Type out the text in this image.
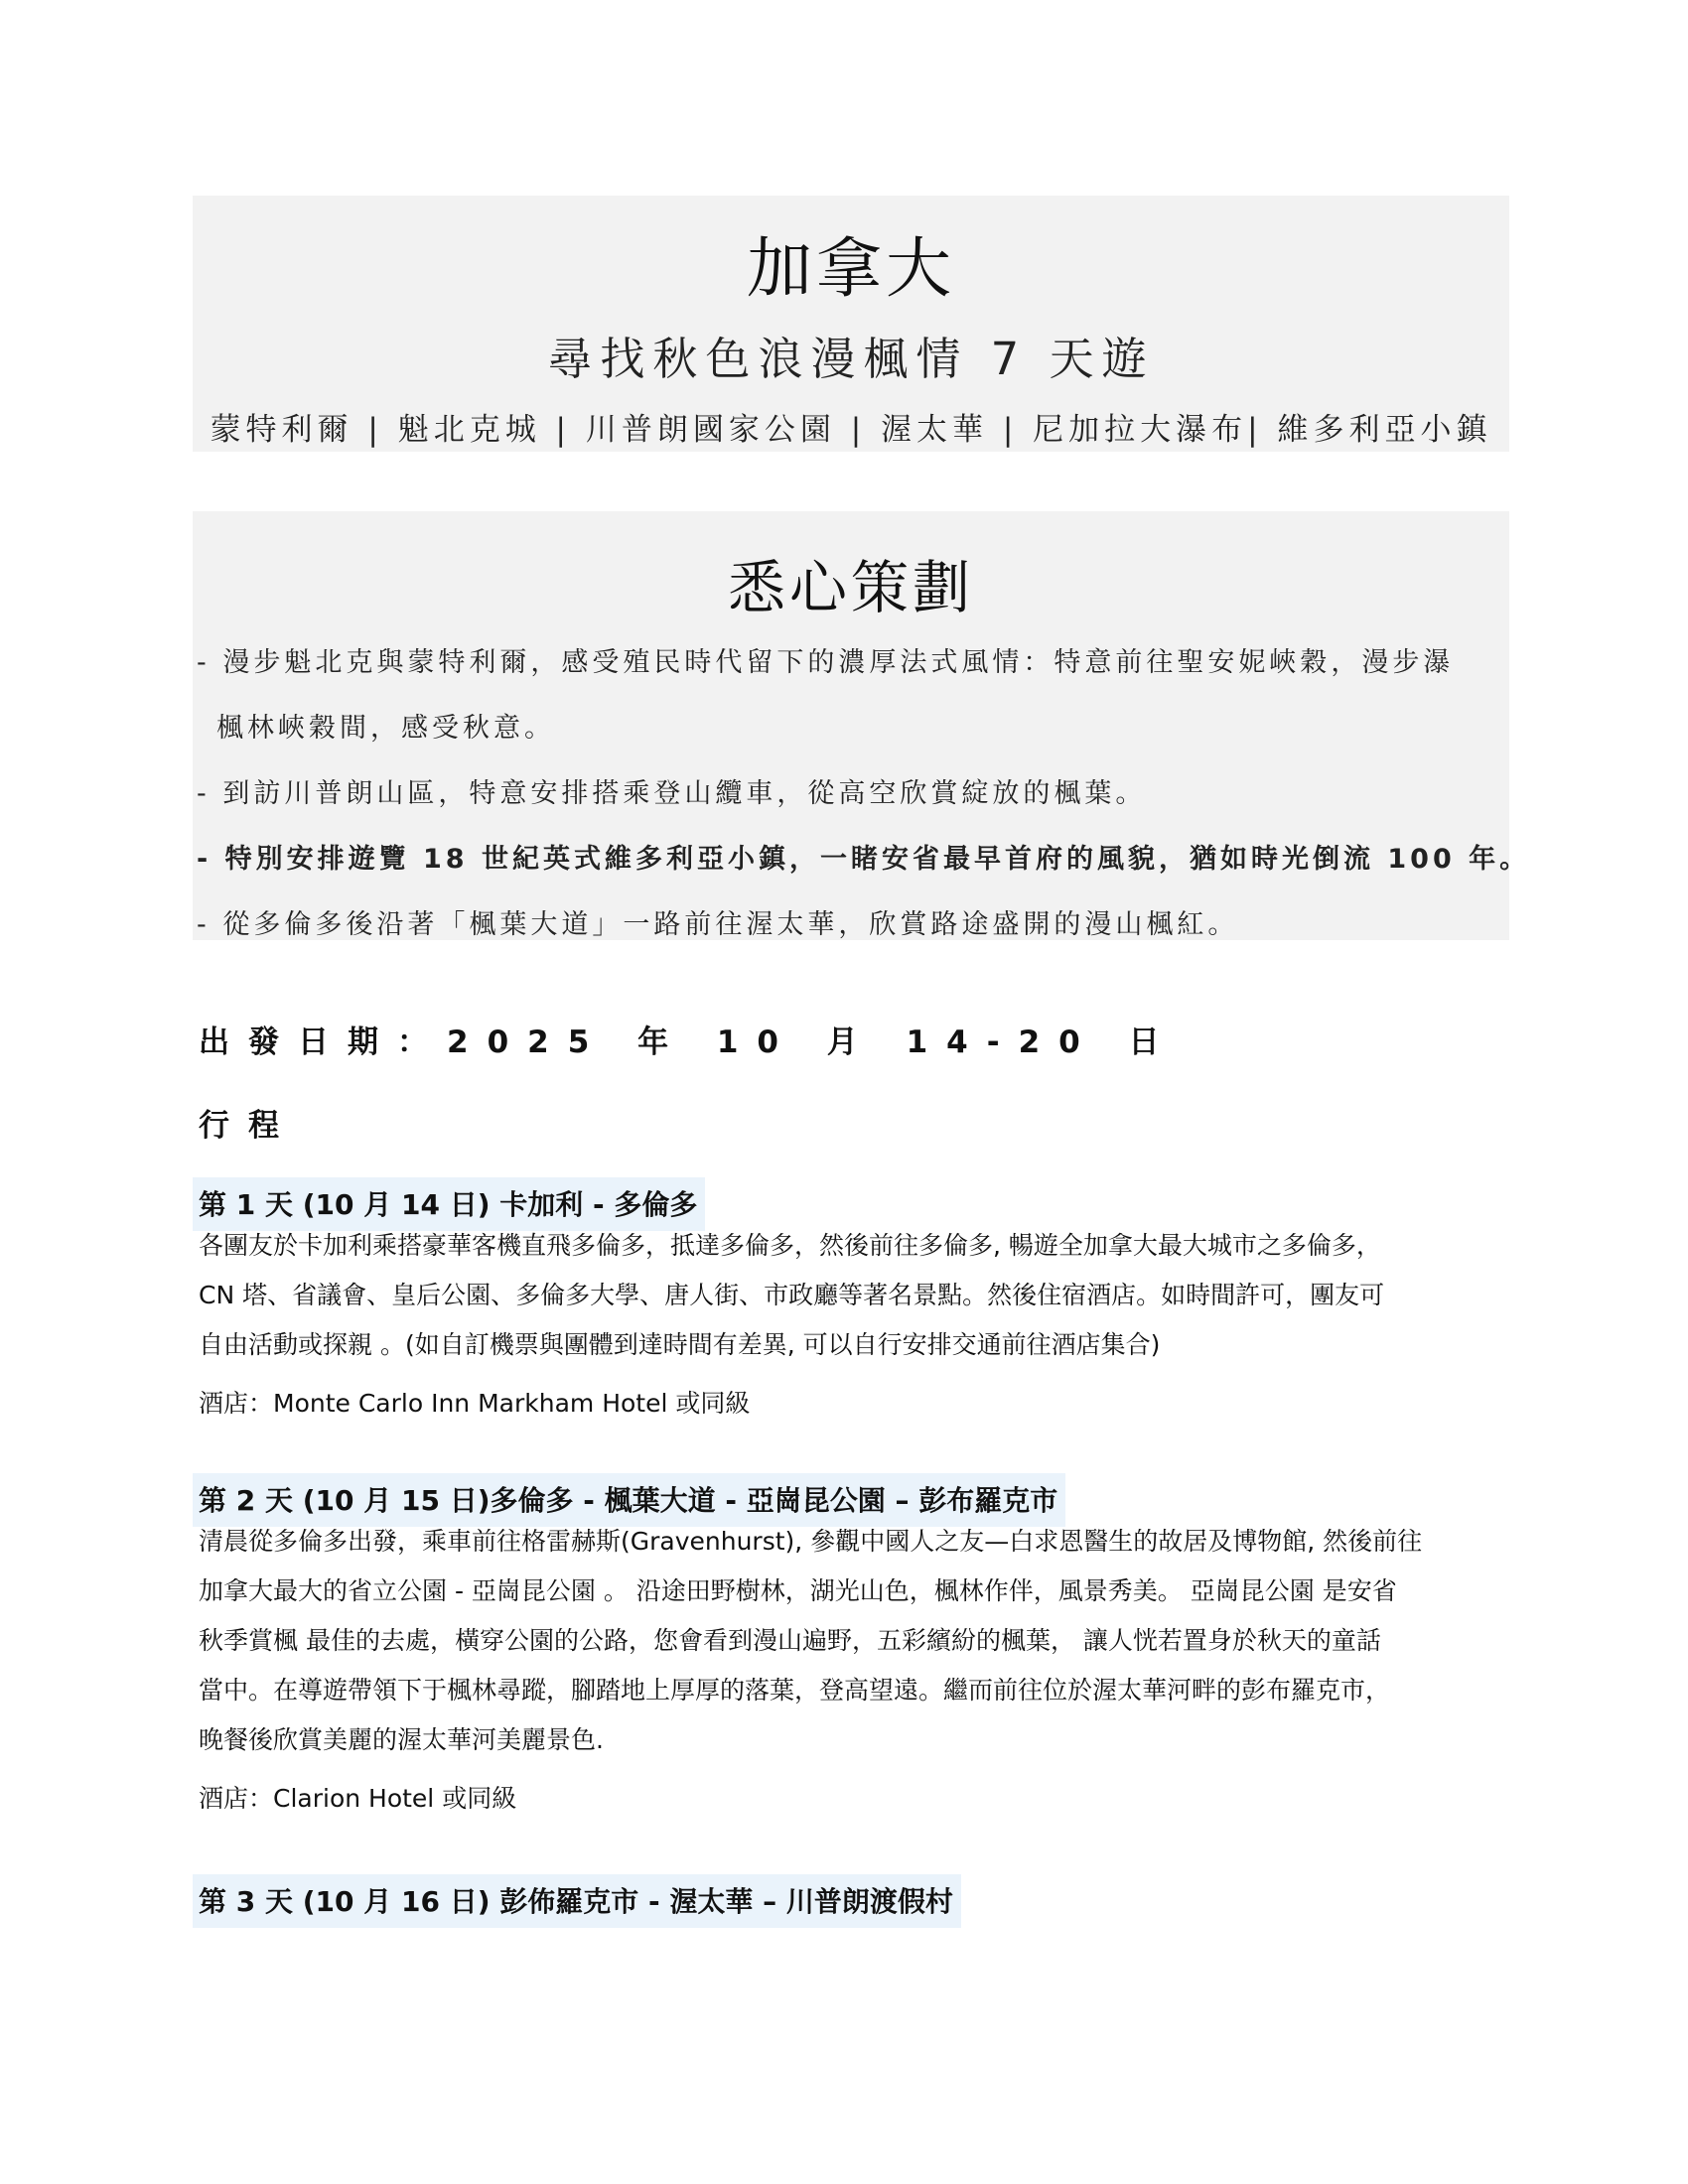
加拿大
尋找秋色浪漫楓情 7 天遊
蒙特利爾 | 魁北克城 | 川普朗國家公園 | 渥太華 | 尼加拉大瀑布| 維多利亞小鎮
悉心策劃
- 漫步魁北克與蒙特利爾，感受殖民時代留下的濃厚法式風情：特意前往聖安妮峽穀，漫步瀑
楓林峽穀間，感受秋意。
- 到訪川普朗山區，特意安排搭乘登山纜車，從高空欣賞綻放的楓葉。
- 特別安排遊覽 18 世紀英式維多利亞小鎮，一睹安省最早首府的風貌，猶如時光倒流 100 年。
- 從多倫多後沿著「楓葉大道」一路前往渥太華，欣賞路途盛開的漫山楓紅。
出發日期：2025 年 10 月 14-20 日
行程
第 1 天 (10 月 14 日) 卡加利 - 多倫多
各團友於卡加利乘搭豪華客機直飛多倫多，抵達多倫多，然後前往多倫多, 暢遊全加拿大最大城市之多倫多，
CN 塔、省議會、皇后公園、多倫多大學、唐人街、市政廳等著名景點。然後住宿酒店。如時間許可，團友可
自由活動或探親 。(如自訂機票與團體到達時間有差異, 可以自行安排交通前往酒店集合)
酒店：Monte Carlo Inn Markham Hotel 或同級
第 2 天 (10 月 15 日)多倫多 - 楓葉大道 - 亞崗昆公園 – 彭布羅克市
清晨從多倫多出發，乘車前往格雷赫斯(Gravenhurst), 參觀中國人之友—白求恩醫生的故居及博物館, 然後前往
加拿大最大的省立公園 - 亞崗昆公園 。 沿途田野樹林，湖光山色，楓林作伴，風景秀美。 亞崗昆公園 是安省
秋季賞楓 最佳的去處，橫穿公園的公路，您會看到漫山遍野，五彩繽紛的楓葉， 讓人恍若置身於秋天的童話
當中。在導遊帶領下于楓林尋蹤，腳踏地上厚厚的落葉，登高望遠。繼而前往位於渥太華河畔的彭布羅克市，
晚餐後欣賞美麗的渥太華河美麗景色.
酒店：Clarion Hotel 或同級
第 3 天 (10 月 16 日) 彭佈羅克市 - 渥太華 – 川普朗渡假村
